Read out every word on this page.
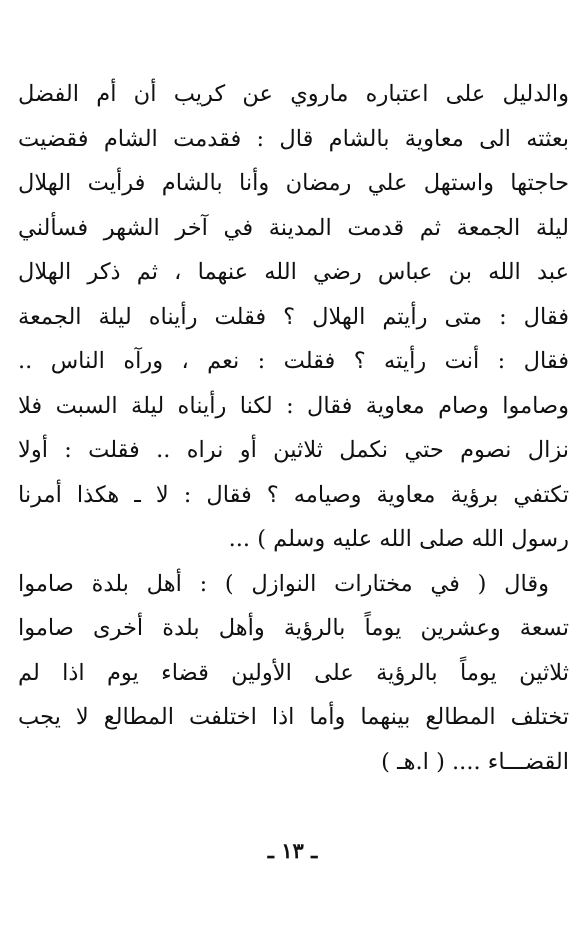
والدليل على اعتباره ماروي عن كريب أن أم الفضل
بعثته الى معاوية بالشام قال : فقدمت الشام فقضيت
حاجتها واستهل علي رمضان وأنا بالشام فرأيت الهلال
ليلة الجمعة ثم قدمت المدينة في آخر الشهر فسألني
عبد الله بن عباس رضي الله عنهما ، ثم ذكر الهلال
فقال : متى رأيتم الهلال ؟ فقلت رأيناه ليلة الجمعة
فقال : أنت رأيته ؟ فقلت : نعم ، ورآه الناس ..
وصاموا وصام معاوية فقال : لكنا رأيناه ليلة السبت فلا
نزال نصوم حتي نكمل ثلاثين أو نراه .. فقلت : أولا
تكتفي برؤية معاوية وصيامه ؟ فقال : لا ـ هكذا أمرنا
رسول الله صلى الله عليه وسلم ) ...
وقال ( في مختارات النوازل ) : أهل بلدة صاموا
تسعة وعشرين يوماً بالرؤية وأهل بلدة أخرى صاموا
ثلاثين يوماً بالرؤية على الأولين قضاء يوم اذا لم
تختلف المطالع بينهما وأما اذا اختلفت المطالع لا يجب
القضـــاء .... ( ا.هـ )
ـ ١٣ ـ
